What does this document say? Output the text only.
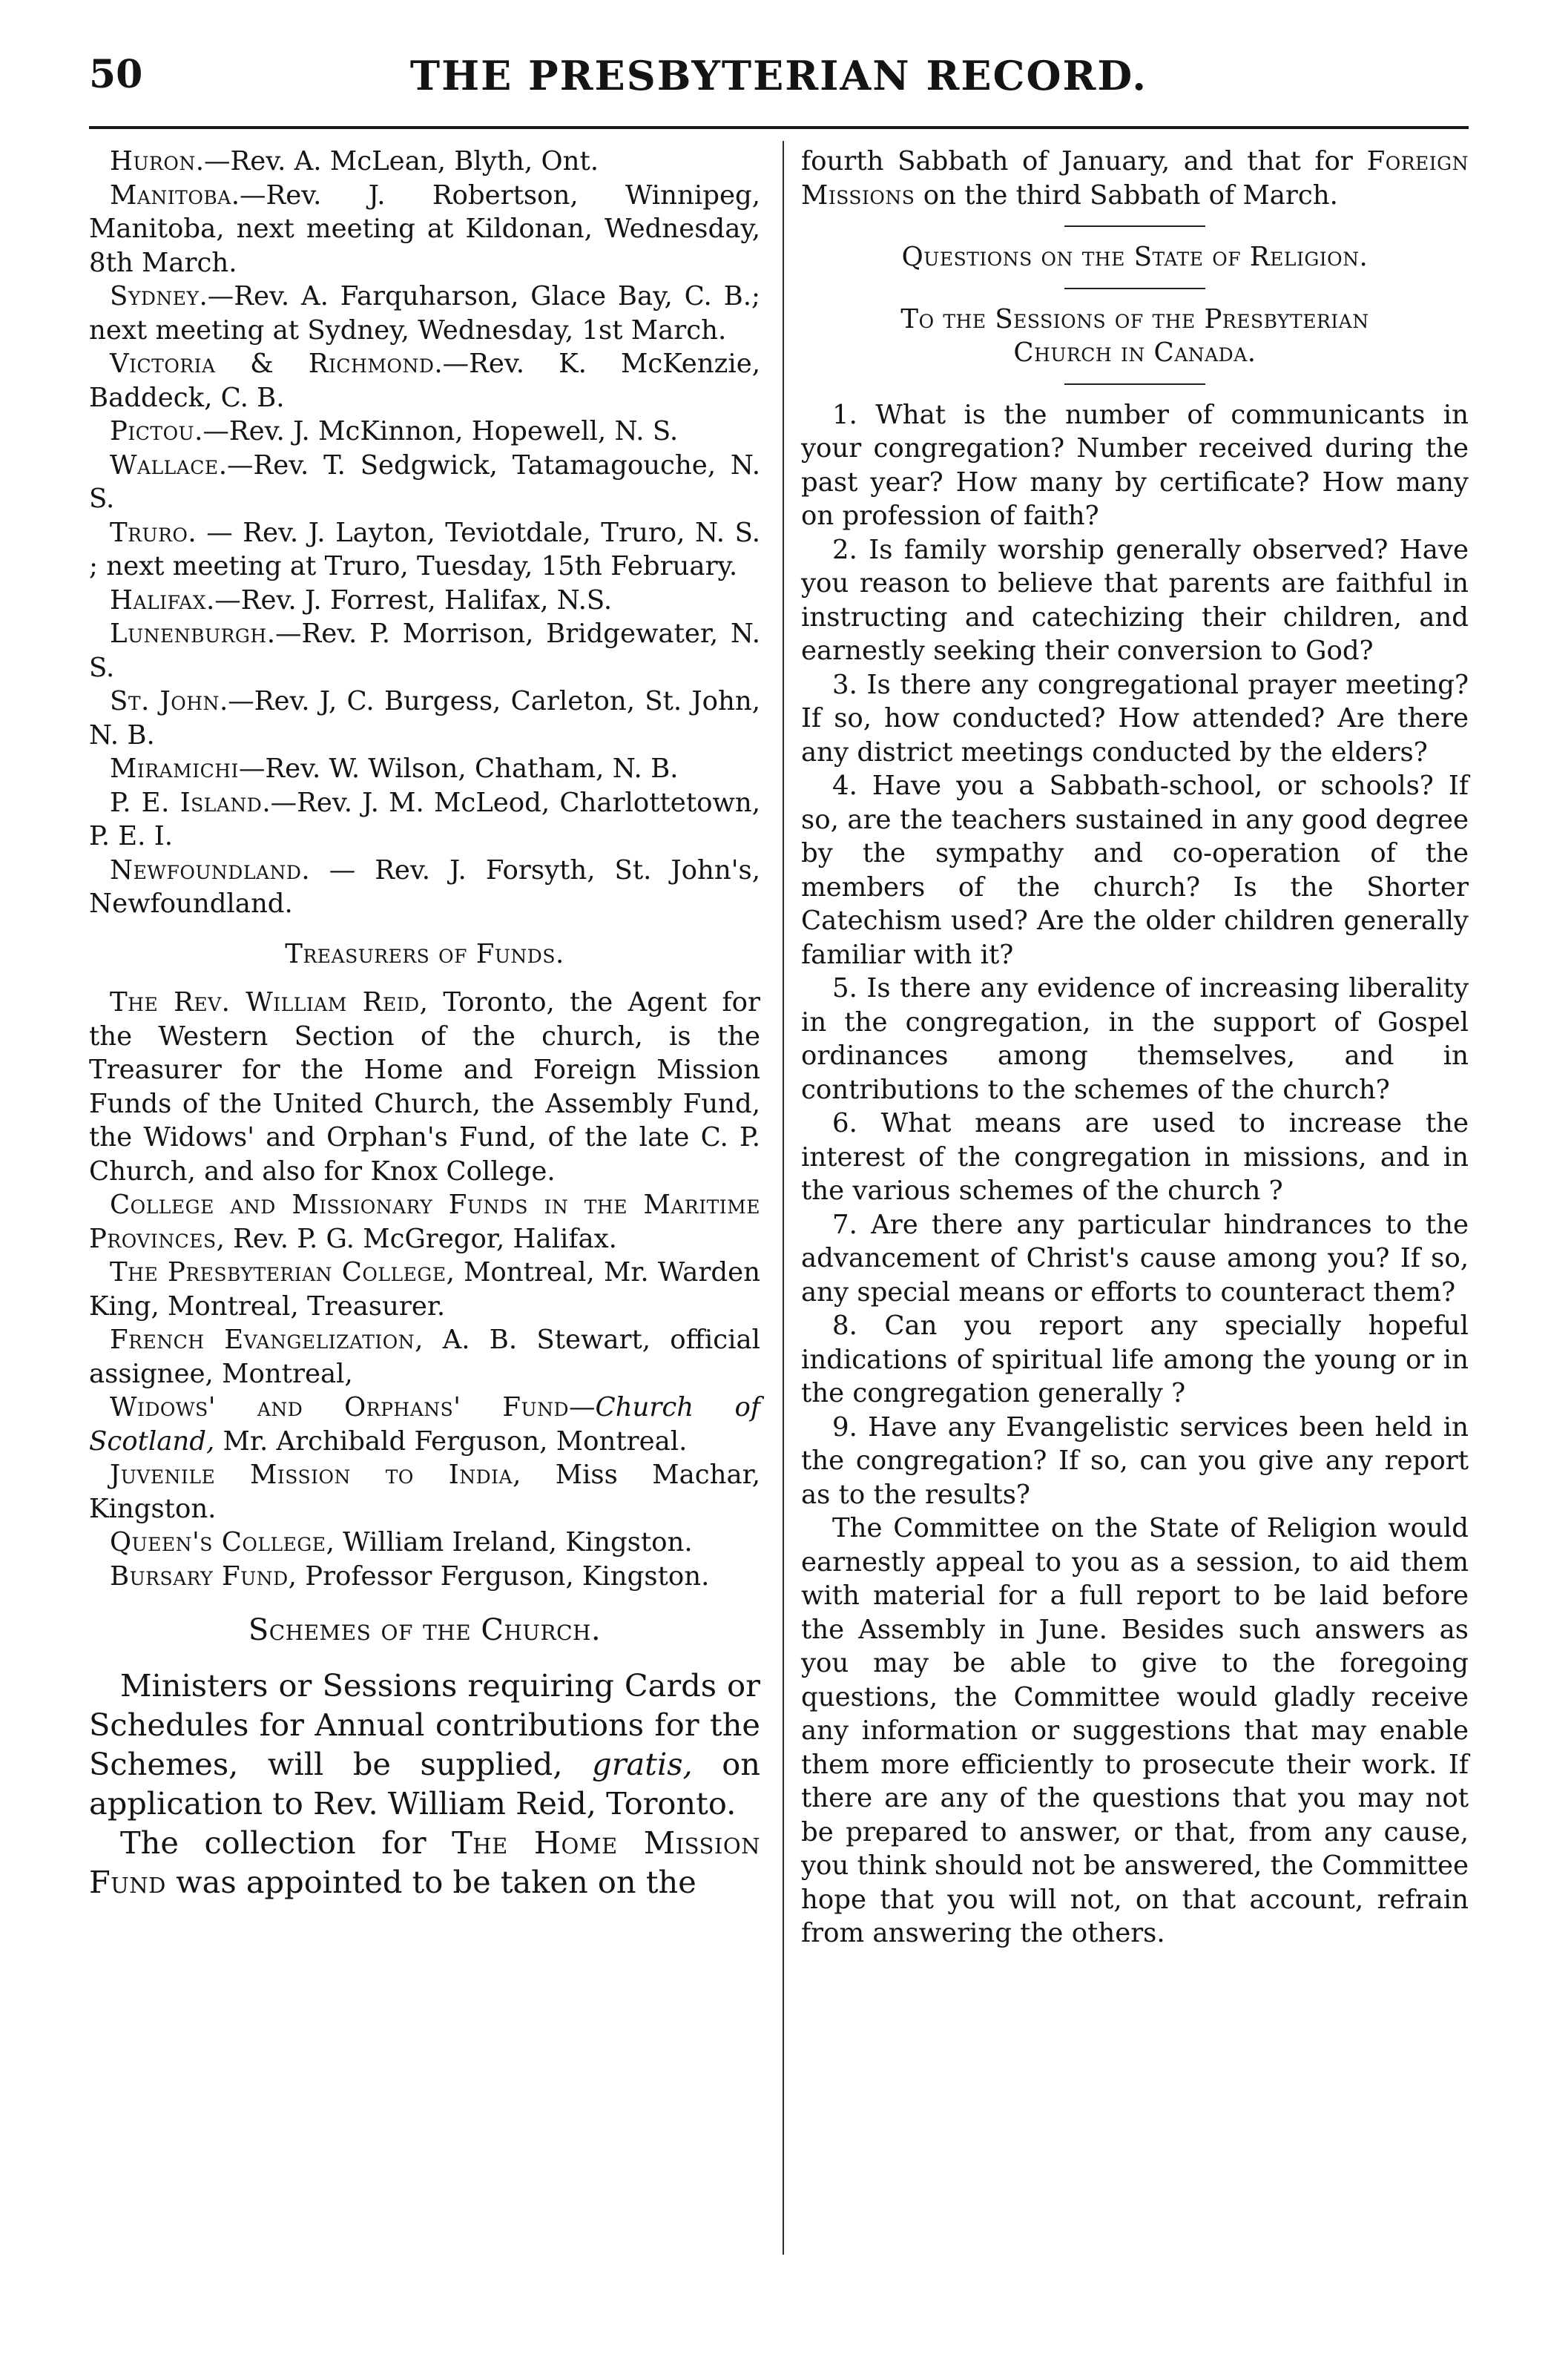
50	THE PRESBYTERIAN RECORD.

Huron.—Rev. A. McLean, Blyth, Ont.

Manitoba.—Rev. J. Robertson, Winnipeg, Manitoba, next meeting at Kildonan, Wednesday, 8th March.

Sydney.—Rev. A. Farquharson, Glace Bay, C. B.; next meeting at Sydney, Wednesday, 1st March.

Victoria & Richmond.—Rev. K. McKenzie, Baddeck, C. B.

Pictou.—Rev. J. McKinnon, Hopewell, N. S.

Wallace.—Rev. T. Sedgwick, Tatamagouche, N. S.

Truro. — Rev. J. Layton, Teviotdale, Truro, N. S. ; next meeting at Truro, Tuesday, 15th February.

Halifax.—Rev. J. Forrest, Halifax, N.S.

Lunenburgh.—Rev. P. Morrison, Bridgewater, N. S.

St. John.—Rev. J, C. Burgess, Carleton, St. John, N. B.

Miramichi—Rev. W. Wilson, Chatham, N. B.

P. E. Island.—Rev. J. M. McLeod, Charlottetown, P. E. I.

Newfoundland. — Rev. J. Forsyth, St. John's, Newfoundland.

Treasurers of Funds.

The Rev. William Reid, Toronto, the Agent for the Western Section of the church, is the Treasurer for the Home and Foreign Mission Funds of the United Church, the Assembly Fund, the Widows' and Orphan's Fund, of the late C. P. Church, and also for Knox College.

College and Missionary Funds in the Maritime Provinces, Rev. P. G. McGregor, Halifax.

The Presbyterian College, Montreal, Mr. Warden King, Montreal, Treasurer.

French Evangelization, A. B. Stewart, official assignee, Montreal,

Widows' and Orphans' Fund—Church of Scotland, Mr. Archibald Ferguson, Montreal.

Juvenile Mission to India, Miss Machar, Kingston.

Queen's College, William Ireland, Kingston.

Bursary Fund, Professor Ferguson, Kingston.

Schemes of the Church.

Ministers or Sessions requiring Cards or Schedules for Annual contributions for the Schemes, will be supplied, gratis, on application to Rev. William Reid, Toronto.

The collection for The Home Mission Fund was appointed to be taken on the

fourth Sabbath of January, and that for Foreign Missions on the third Sabbath of March.

Questions on the State of Religion.

To the Sessions of the Presbyterian

Church in Canada.

1. What is the number of communicants in your congregation? Number received during the past year? How many by certificate? How many on profession of faith?

2. Is family worship generally observed? Have you reason to believe that parents are faithful in instructing and catechizing their children, and earnestly seeking their conversion to God?

3. Is there any congregational prayer meeting? If so, how conducted? How attended? Are there any district meetings conducted by the elders?

4. Have you a Sabbath-school, or schools? If so, are the teachers sustained in any good degree by the sympathy and co-operation of the members of the church? Is the Shorter Catechism used? Are the older children generally familiar with it?

5. Is there any evidence of increasing liberality in the congregation, in the support of Gospel ordinances among themselves, and in contributions to the schemes of the church?

6. What means are used to increase the interest of the congregation in missions, and in the various schemes of the church ?

7. Are there any particular hindrances to the advancement of Christ's cause among you? If so, any special means or efforts to counteract them?

8. Can you report any specially hopeful indications of spiritual life among the young or in the congregation generally ?

9. Have any Evangelistic services been held in the congregation? If so, can you give any report as to the results?

The Committee on the State of Religion would earnestly appeal to you as a session, to aid them with material for a full report to be laid before the Assembly in June. Besides such answers as you may be able to give to the foregoing questions, the Committee would gladly receive any information or suggestions that may enable them more efficiently to prosecute their work. If there are any of the questions that you may not be prepared to answer, or that, from any cause, you think should not be answered, the Committee hope that you will not, on that account, refrain from answering the others.
